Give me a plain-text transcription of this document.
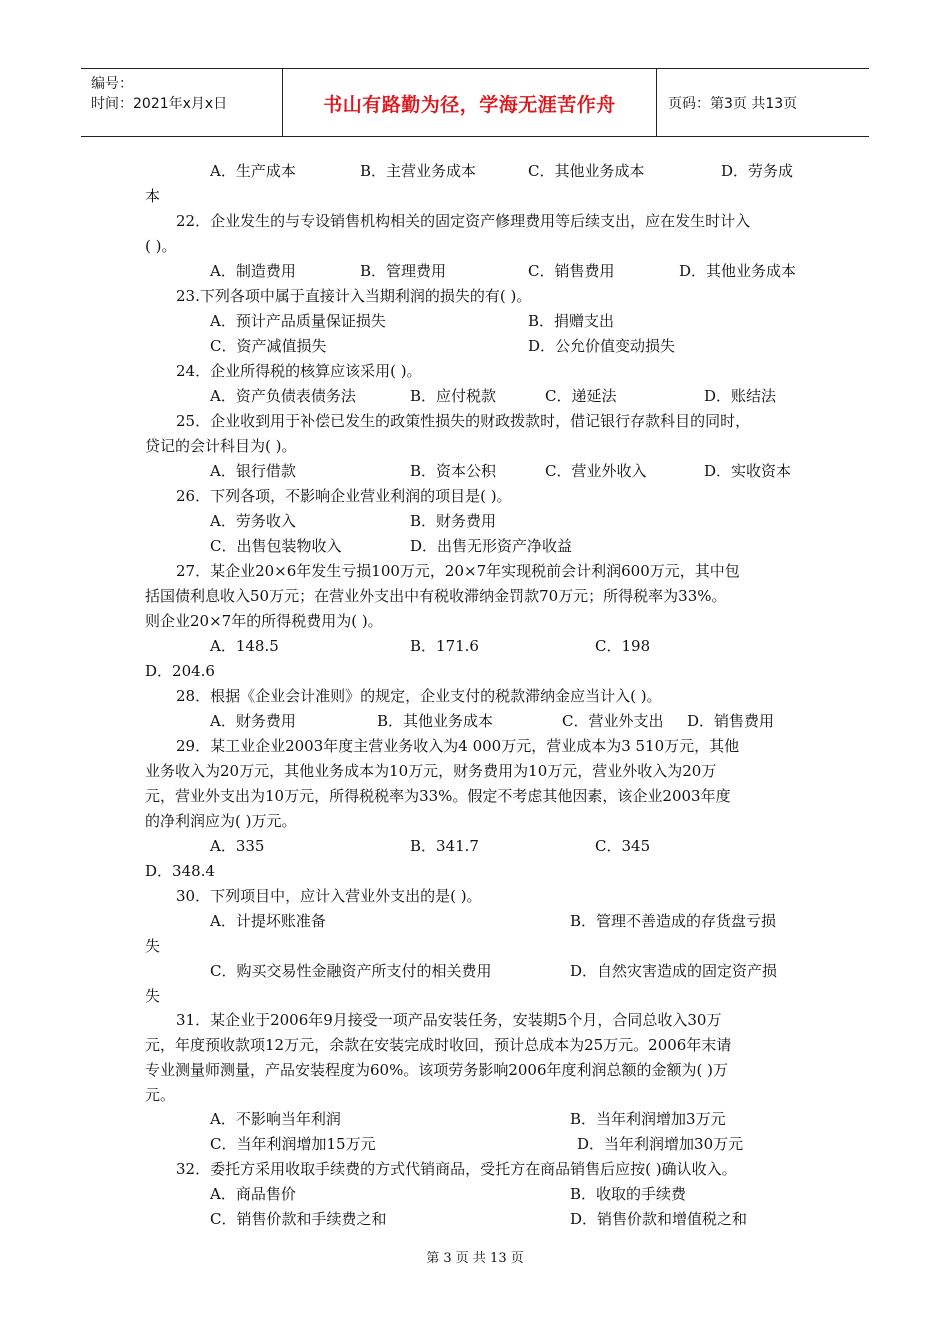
编号：
时间：2021年x月x日	书山有路勤为径，学海无涯苦作舟	页码：第3页 共13页
A．生产成本	B．主营业务成本	C．其他业务成本	D．劳务成
本
22．企业发生的与专设销售机构相关的固定资产修理费用等后续支出，应在发生时计入
( )。
A．制造费用	B．管理费用	C．销售费用	D．其他业务成本
23.下列各项中属于直接计入当期利润的损失的有( )。
A．预计产品质量保证损失	B．捐赠支出
C．资产减值损失	D．公允价值变动损失
24．企业所得税的核算应该采用( )。
A．资产负债表债务法	B．应付税款	C．递延法	D．账结法
25．企业收到用于补偿已发生的政策性损失的财政拨款时，借记银行存款科目的同时，
贷记的会计科目为( )。
A．银行借款	B．资本公积	C．营业外收入	D．实收资本
26．下列各项，不影响企业营业利润的项目是( )。
A．劳务收入	B．财务费用
C．出售包装物收入	D．出售无形资产净收益
27．某企业20×6年发生亏损100万元，20×7年实现税前会计利润600万元，其中包
括国债利息收入50万元；在营业外支出中有税收滞纳金罚款70万元；所得税率为33%。
则企业20×7年的所得税费用为( )。
A．148.5	B．171.6	C．198
D．204.6
28．根据《企业会计准则》的规定，企业支付的税款滞纳金应当计入( )。
A．财务费用	B．其他业务成本	C．营业外支出 D．销售费用
29．某工业企业2003年度主营业务收入为4 000万元，营业成本为3 510万元，其他
业务收入为20万元，其他业务成本为10万元，财务费用为10万元，营业外收入为20万
元，营业外支出为10万元，所得税税率为33%。假定不考虑其他因素，该企业2003年度
的净利润应为( )万元。
A．335	B．341.7	C．345
D．348.4
30．下列项目中，应计入营业外支出的是( )。
A．计提坏账准备	B．管理不善造成的存货盘亏损
失
C．购买交易性金融资产所支付的相关费用	D．自然灾害造成的固定资产损
失
31．某企业于2006年9月接受一项产品安装任务，安装期5个月，合同总收入30万
元，年度预收款项12万元，余款在安装完成时收回，预计总成本为25万元。2006年末请
专业测量师测量，产品安装程度为60%。该项劳务影响2006年度利润总额的金额为( )万
元。
A．不影响当年利润	B．当年利润增加3万元
C．当年利润增加15万元	D．当年利润增加30万元
32．委托方采用收取手续费的方式代销商品，受托方在商品销售后应按( )确认收入。
A．商品售价	B．收取的手续费
C．销售价款和手续费之和	D．销售价款和增值税之和
第 3 页 共 13 页
